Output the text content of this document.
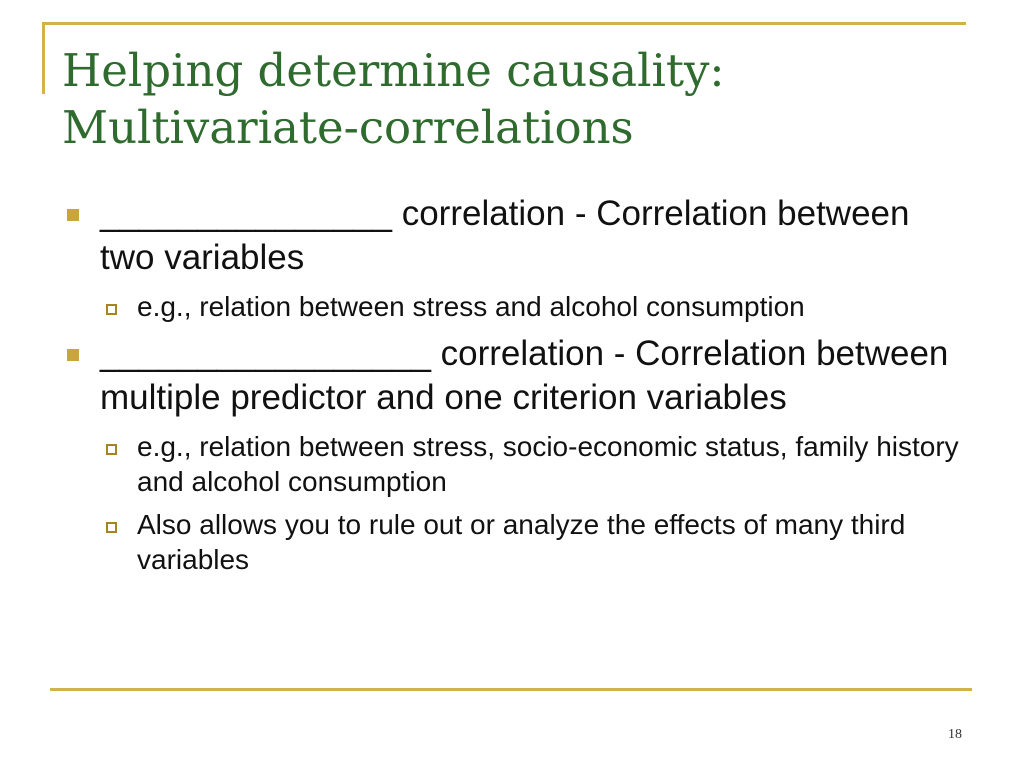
Helping determine causality:
Multivariate-correlations
_______________ correlation - Correlation between two variables
e.g., relation between stress and alcohol consumption
_________________ correlation - Correlation between multiple predictor and one criterion variables
e.g., relation between stress, socio-economic status, family history and alcohol consumption
Also allows you to rule out or analyze the effects of many third variables
18
